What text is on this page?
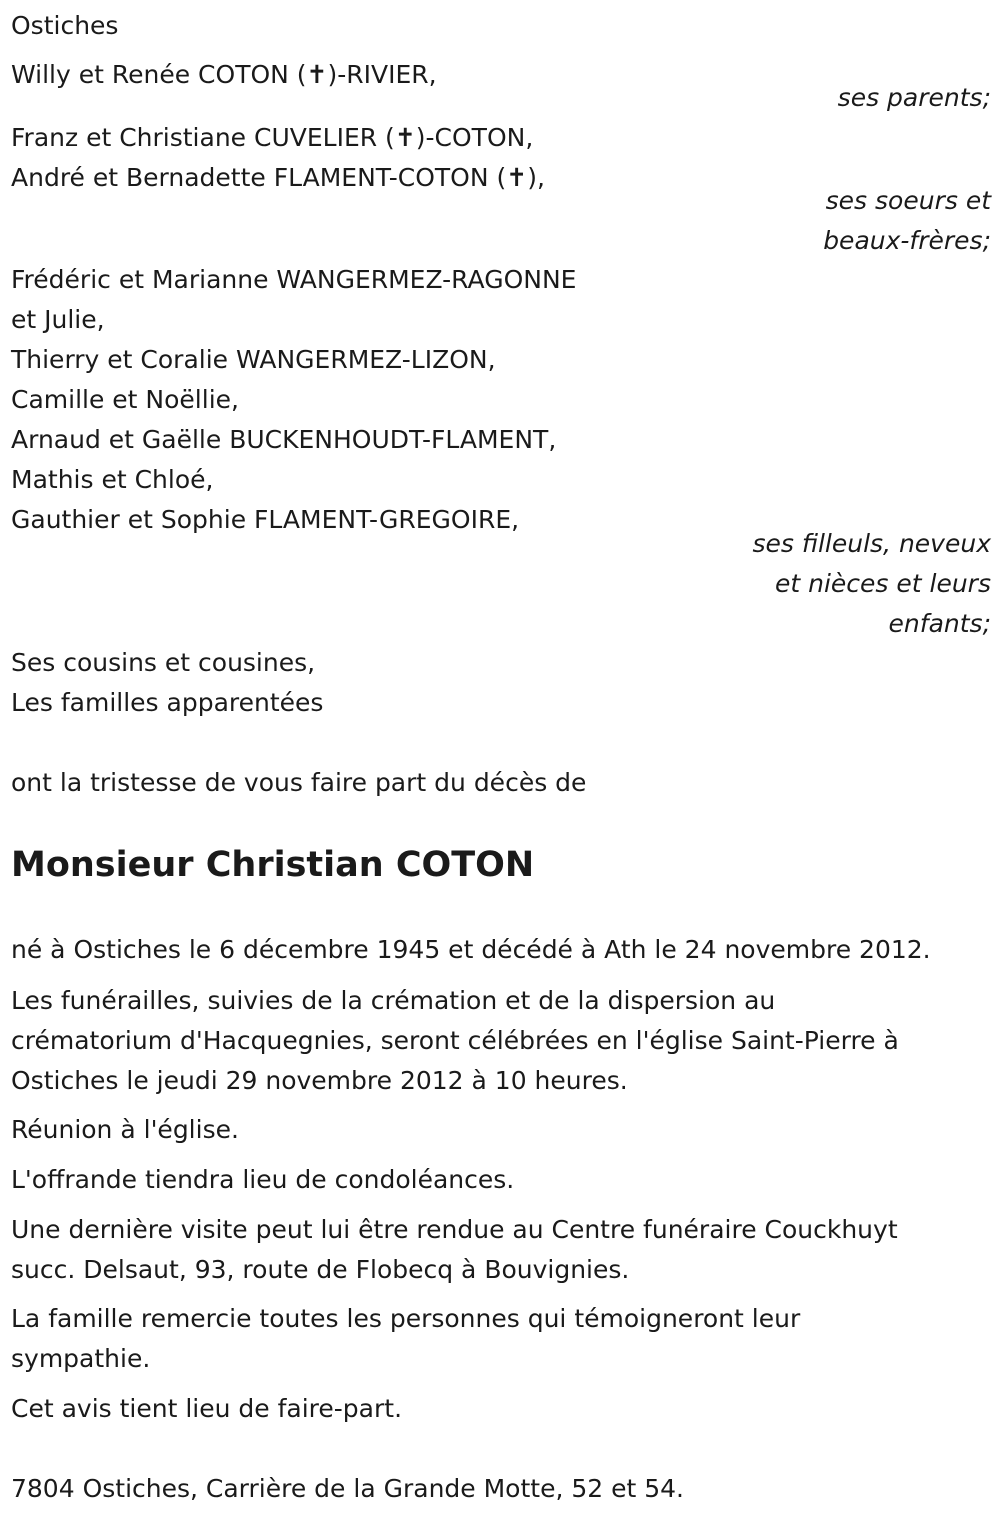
Ostiches
Willy et Renée COTON (✝)-RIVIER,
ses parents;
Franz et Christiane CUVELIER (✝)-COTON,
André et Bernadette FLAMENT-COTON (✝),
ses soeurs et
beaux-frères;
Frédéric et Marianne WANGERMEZ-RAGONNE
et Julie,
Thierry et Coralie WANGERMEZ-LIZON,
Camille et Noëllie,
Arnaud et Gaëlle BUCKENHOUDT-FLAMENT,
Mathis et Chloé,
Gauthier et Sophie FLAMENT-GREGOIRE,
ses filleuls, neveux
et nièces et leurs
enfants;
Ses cousins et cousines,
Les familles apparentées
ont la tristesse de vous faire part du décès de
Monsieur Christian COTON
né à Ostiches le 6 décembre 1945 et décédé à Ath le 24 novembre 2012.
Les funérailles, suivies de la crémation et de la dispersion au
crématorium d'Hacquegnies, seront célébrées en l'église Saint-Pierre à
Ostiches le jeudi 29 novembre 2012 à 10 heures.
Réunion à l'église.
L'offrande tiendra lieu de condoléances.
Une dernière visite peut lui être rendue au Centre funéraire Couckhuyt
succ. Delsaut, 93, route de Flobecq à Bouvignies.
La famille remercie toutes les personnes qui témoigneront leur
sympathie.
Cet avis tient lieu de faire-part.
7804 Ostiches, Carrière de la Grande Motte, 52 et 54.
